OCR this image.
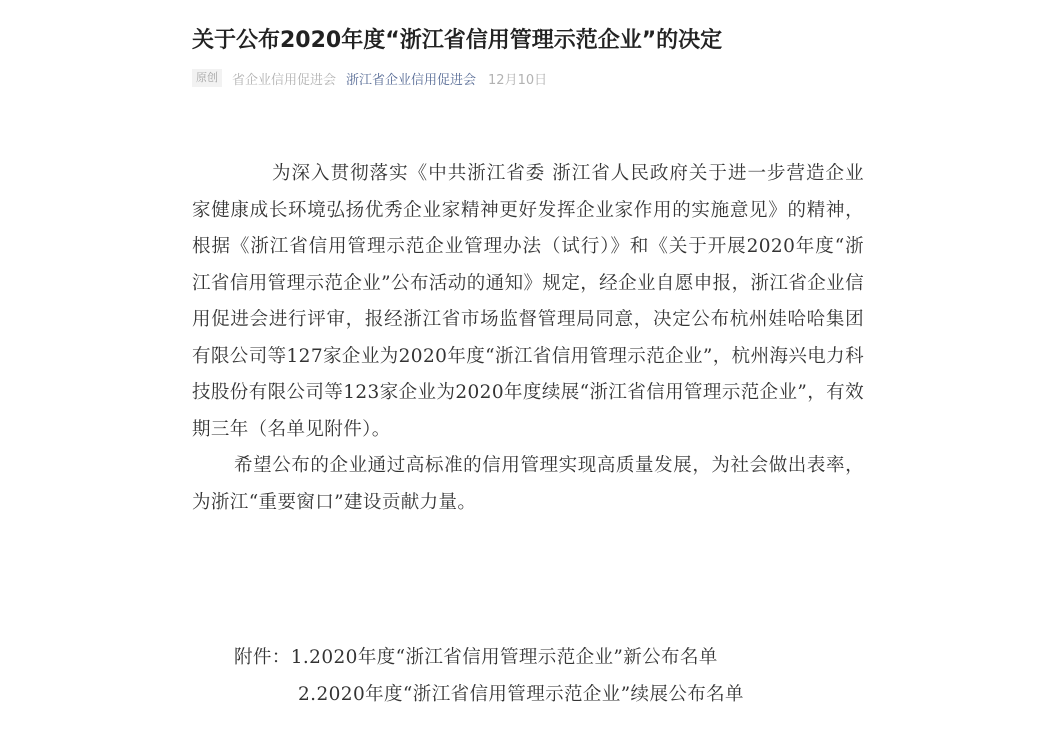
关于公布2020年度“浙江省信用管理示范企业”的决定
原创	省企业信用促进会 浙江省企业信用促进会 12月10日

为深入贯彻落实《中共浙江省委 浙江省人民政府关于进一步营造企业家健康成长环境弘扬优秀企业家精神更好发挥企业家作用的实施意见》的精神，根据《浙江省信用管理示范企业管理办法（试行）》和《关于开展2020年度“浙江省信用管理示范企业”公布活动的通知》规定，经企业自愿申报，浙江省企业信用促进会进行评审，报经浙江省市场监督管理局同意，决定公布杭州娃哈哈集团有限公司等127家企业为2020年度“浙江省信用管理示范企业”，杭州海兴电力科技股份有限公司等123家企业为2020年度续展“浙江省信用管理示范企业”，有效期三年（名单见附件）。

希望公布的企业通过高标准的信用管理实现高质量发展，为社会做出表率，为浙江“重要窗口”建设贡献力量。

附件：1.2020年度“浙江省信用管理示范企业”新公布名单
2.2020年度“浙江省信用管理示范企业”续展公布名单
